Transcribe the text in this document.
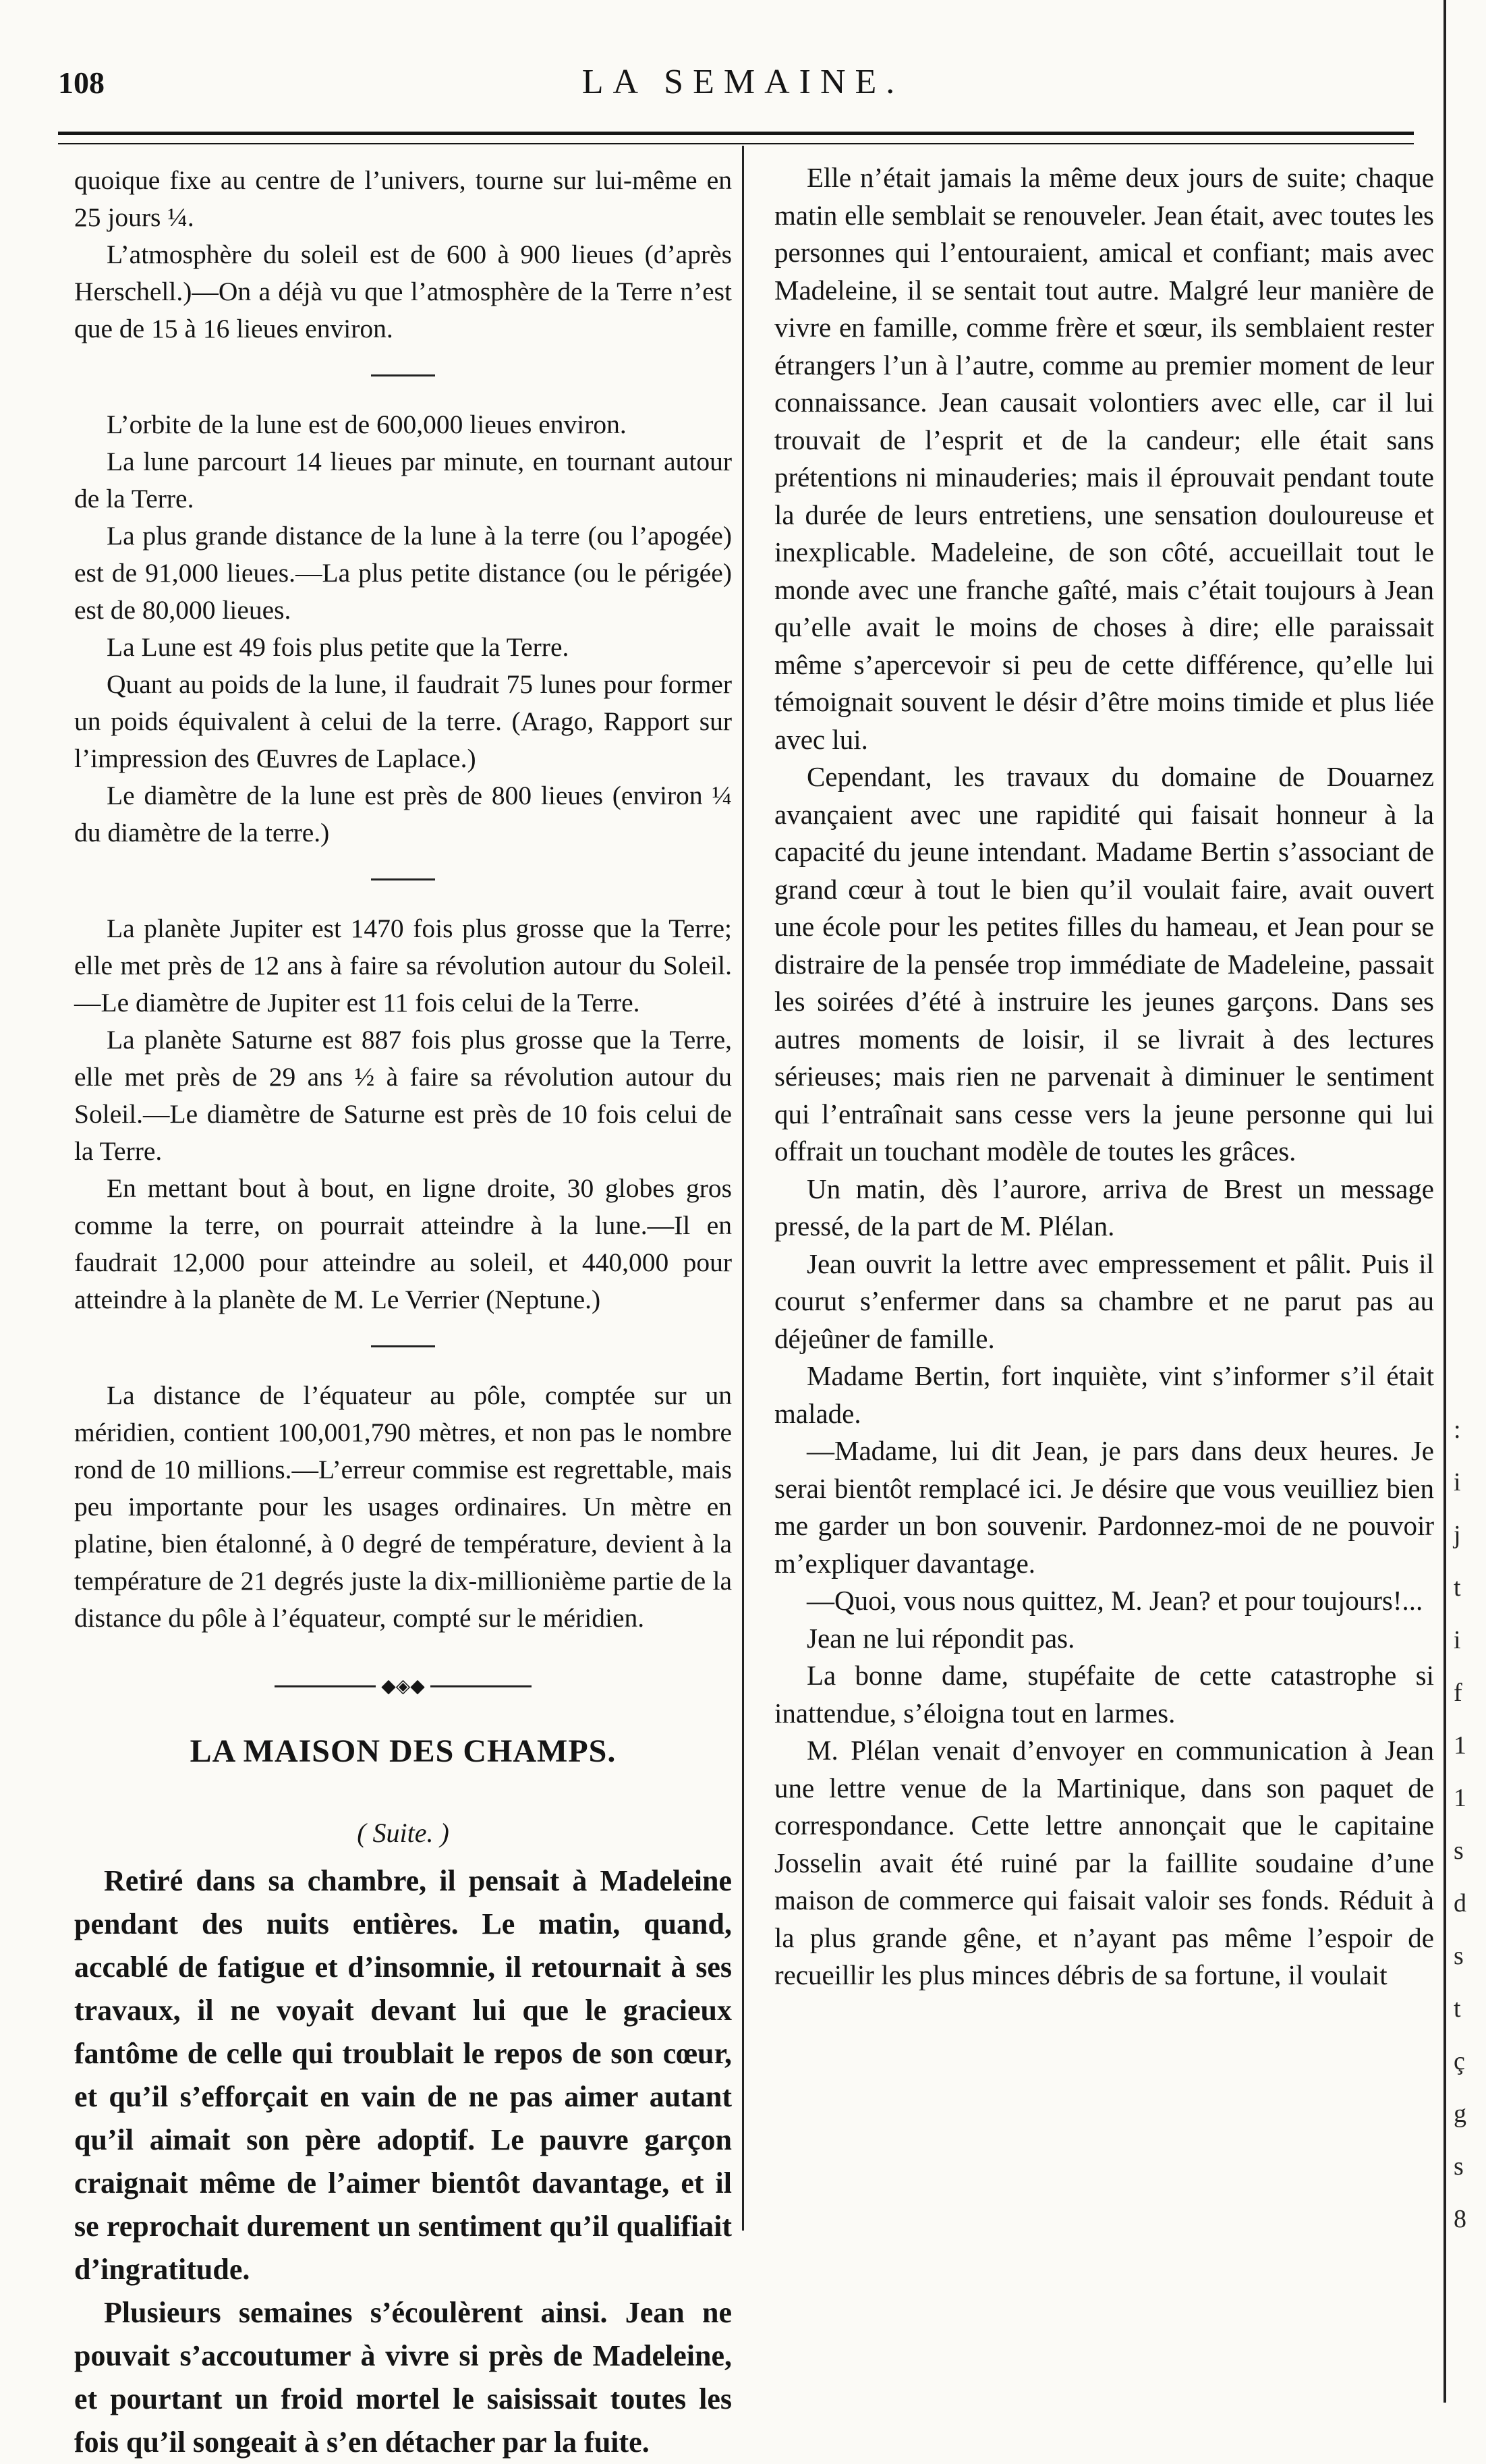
108	LA SEMAINE.
:
i
j
t
i
f
1
1
s
d
s
t
ç
g
s
8

quoique fixe au centre de l’univers, tourne sur lui-même en 25 jours ¼.

L’atmosphère du soleil est de 600 à 900 lieues (d’après Herschell.)—On a déjà vu que l’atmosphère de la Terre n’est que de 15 à 16 lieues environ.

L’orbite de la lune est de 600,000 lieues environ.

La lune parcourt 14 lieues par minute, en tournant autour de la Terre.

La plus grande distance de la lune à la terre (ou l’apogée) est de 91,000 lieues.—La plus petite distance (ou le périgée) est de 80,000 lieues.

La Lune est 49 fois plus petite que la Terre.

Quant au poids de la lune, il faudrait 75 lunes pour former un poids équivalent à celui de la terre. (Arago, Rapport sur l’impression des Œuvres de Laplace.)

Le diamètre de la lune est près de 800 lieues (environ ¼ du diamètre de la terre.)

La planète Jupiter est 1470 fois plus grosse que la Terre; elle met près de 12 ans à faire sa révolution autour du Soleil.—Le diamètre de Jupiter est 11 fois celui de la Terre.

La planète Saturne est 887 fois plus grosse que la Terre, elle met près de 29 ans ½ à faire sa révolution autour du Soleil.—Le diamètre de Saturne est près de 10 fois celui de la Terre.

En mettant bout à bout, en ligne droite, 30 globes gros comme la terre, on pourrait atteindre à la lune.—Il en faudrait 12,000 pour atteindre au soleil, et 440,000 pour atteindre à la planète de M. Le Verrier (Neptune.)

La distance de l’équateur au pôle, comptée sur un méridien, contient 100,001,790 mètres, et non pas le nombre rond de 10 millions.—L’erreur commise est regrettable, mais peu importante pour les usages ordinaires. Un mètre en platine, bien étalonné, à 0 degré de température, devient à la température de 21 degrés juste la dix-millionième partie de la distance du pôle à l’équateur, compté sur le méridien.

◆◈◆
LA MAISON DES CHAMPS.
( Suite. )

Retiré dans sa chambre, il pensait à Madeleine pendant des nuits entières. Le matin, quand, accablé de fatigue et d’insomnie, il retournait à ses travaux, il ne voyait devant lui que le gracieux fantôme de celle qui troublait le repos de son cœur, et qu’il s’efforçait en vain de ne pas aimer autant qu’il aimait son père adoptif. Le pauvre garçon craignait même de l’aimer bientôt davantage, et il se reprochait durement un sentiment qu’il qualifiait d’ingratitude.

Plusieurs semaines s’écoulèrent ainsi. Jean ne pouvait s’accoutumer à vivre si près de Madeleine, et pourtant un froid mortel le saisissait toutes les fois qu’il songeait à s’en détacher par la fuite.

Elle n’était jamais la même deux jours de suite; chaque matin elle semblait se renouveler. Jean était, avec toutes les personnes qui l’entouraient, amical et confiant; mais avec Madeleine, il se sentait tout autre. Malgré leur manière de vivre en famille, comme frère et sœur, ils semblaient rester étrangers l’un à l’autre, comme au premier moment de leur connaissance. Jean causait volontiers avec elle, car il lui trouvait de l’esprit et de la candeur; elle était sans prétentions ni minauderies; mais il éprouvait pendant toute la durée de leurs entretiens, une sensation douloureuse et inexplicable. Madeleine, de son côté, accueillait tout le monde avec une franche gaîté, mais c’était toujours à Jean qu’elle avait le moins de choses à dire; elle paraissait même s’apercevoir si peu de cette différence, qu’elle lui témoignait souvent le désir d’être moins timide et plus liée avec lui.

Cependant, les travaux du domaine de Douarnez avançaient avec une rapidité qui faisait honneur à la capacité du jeune intendant. Madame Bertin s’associant de grand cœur à tout le bien qu’il voulait faire, avait ouvert une école pour les petites filles du hameau, et Jean pour se distraire de la pensée trop immédiate de Madeleine, passait les soirées d’été à instruire les jeunes garçons. Dans ses autres moments de loisir, il se livrait à des lectures sérieuses; mais rien ne parvenait à diminuer le sentiment qui l’entraînait sans cesse vers la jeune personne qui lui offrait un touchant modèle de toutes les grâces.

Un matin, dès l’aurore, arriva de Brest un message pressé, de la part de M. Plélan.

Jean ouvrit la lettre avec empressement et pâlit. Puis il courut s’enfermer dans sa chambre et ne parut pas au déjeûner de famille.

Madame Bertin, fort inquiète, vint s’informer s’il était malade.

—Madame, lui dit Jean, je pars dans deux heures. Je serai bientôt remplacé ici. Je désire que vous veuilliez bien me garder un bon souvenir. Pardonnez-moi de ne pouvoir m’expliquer davantage.

—Quoi, vous nous quittez, M. Jean? et pour toujours!...

Jean ne lui répondit pas.

La bonne dame, stupéfaite de cette catastrophe si inattendue, s’éloigna tout en larmes.

M. Plélan venait d’envoyer en communication à Jean une lettre venue de la Martinique, dans son paquet de correspondance. Cette lettre annonçait que le capitaine Josselin avait été ruiné par la faillite soudaine d’une maison de commerce qui faisait valoir ses fonds. Réduit à la plus grande gêne, et n’ayant pas même l’espoir de recueillir les plus minces débris de sa fortune, il voulait
